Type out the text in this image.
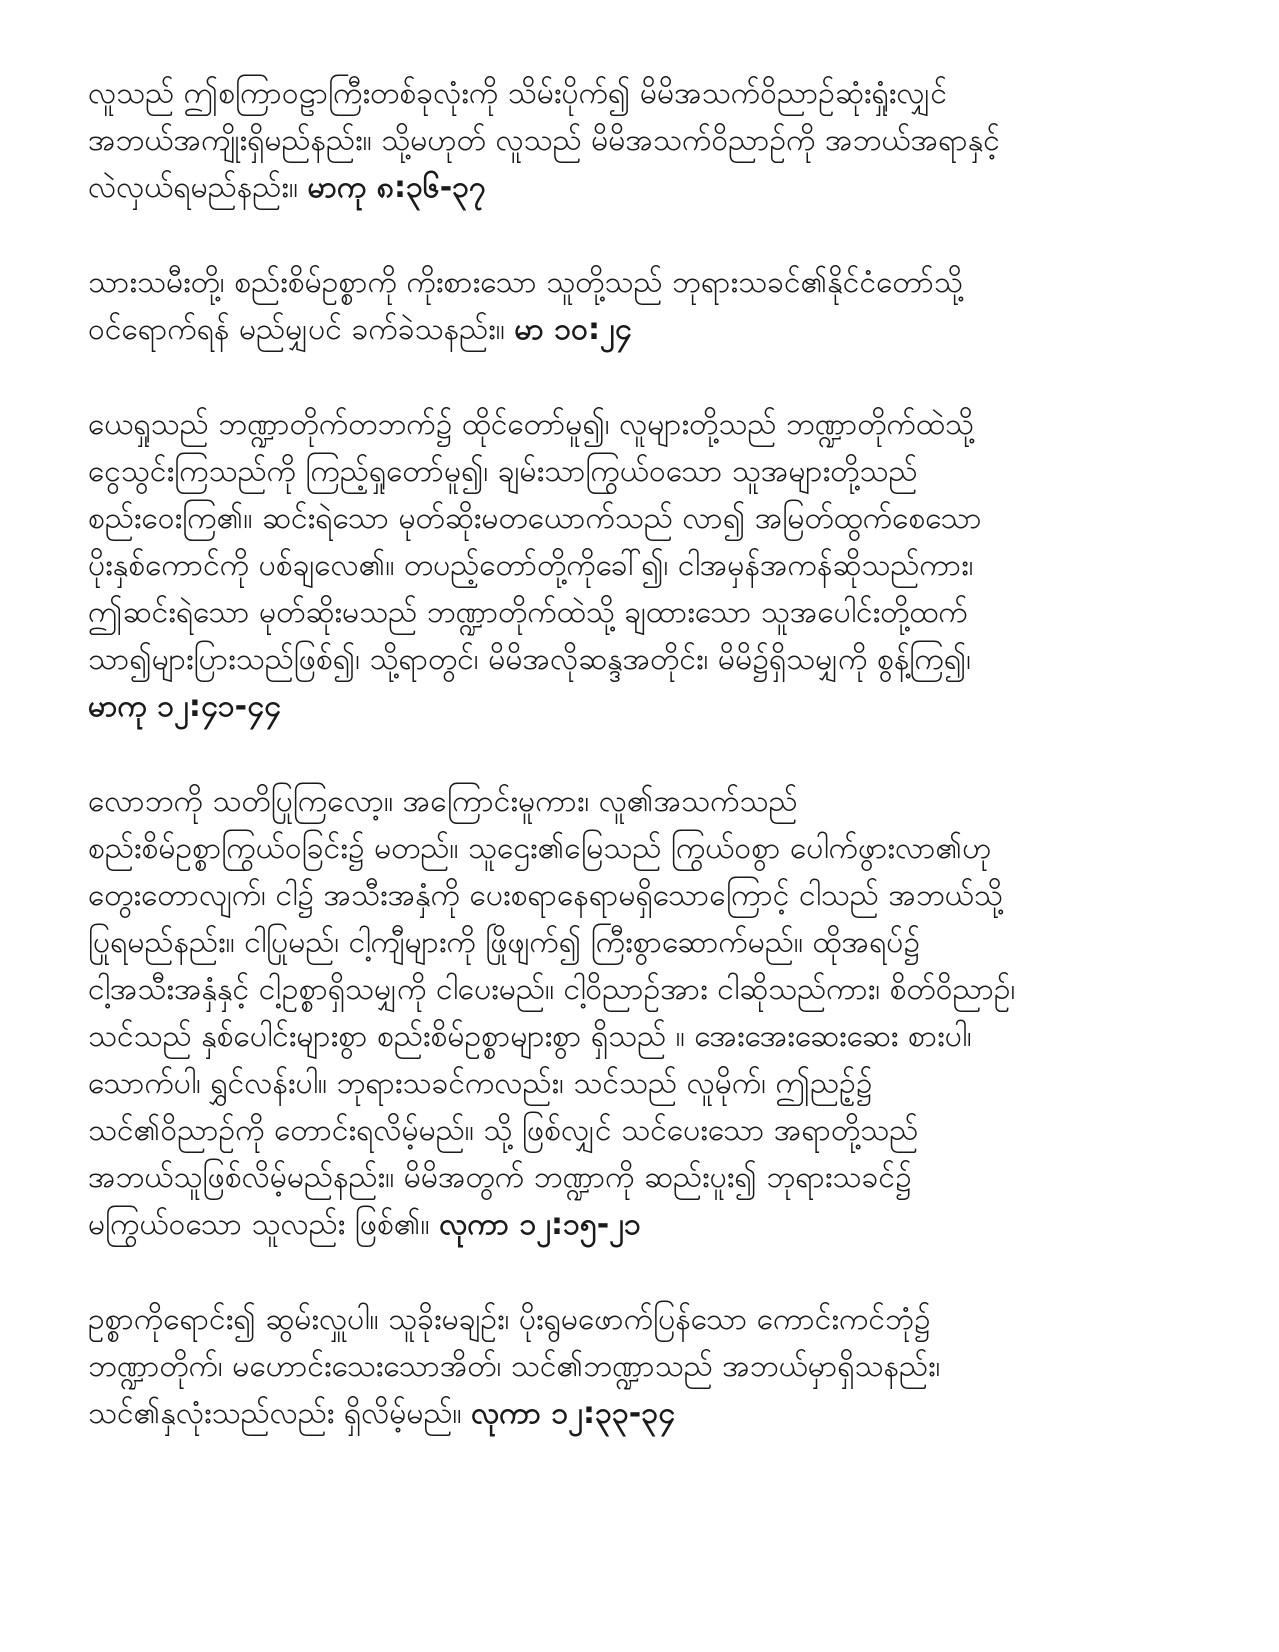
လူသည် ဤစကြာဝဠာကြီးတစ်ခုလုံးကို သိမ်းပိုက်၍ မိမိအသက်ဝိညာဉ်ဆုံးရှုံးလျှင်
အဘယ်အကျိုးရှိမည်နည်း။ သို့မဟုတ် လူသည် မိမိအသက်ဝိညာဉ်ကို အဘယ်အရာနှင့်
လဲလှယ်ရမည်နည်း။ မာကု ၈:၃၆-၃၇
သားသမီးတို့၊ စည်းစိမ်ဥစ္စာကို ကိုးစားသော သူတို့သည် ဘုရားသခင်၏နိုင်ငံတော်သို့
ဝင်ရောက်ရန် မည်မျှပင် ခက်ခဲသနည်း။ မာ ၁၀:၂၄
ယေရှုသည် ဘဏ္ဍာတိုက်တဘက်၌ ထိုင်တော်မူ၍၊ လူများတို့သည် ဘဏ္ဍာတိုက်ထဲသို့
ငွေသွင်းကြသည်ကို ကြည့်ရှုတော်မူ၍၊ ချမ်းသာကြွယ်ဝသော သူအများတို့သည်
စည်းဝေးကြ၏။ ဆင်းရဲသော မုတ်ဆိုးမတယောက်သည် လာ၍ အမြတ်ထွက်စေသော
ပိုးနှစ်ကောင်ကို ပစ်ချလေ၏။ တပည့်တော်တို့ကိုခေါ်၍၊ ငါအမှန်အကန်ဆိုသည်ကား၊
ဤဆင်းရဲသော မုတ်ဆိုးမသည် ဘဏ္ဍာတိုက်ထဲသို့ ချထားသော သူအပေါင်းတို့ထက်
သာ၍များပြားသည်ဖြစ်၍၊ သို့ရာတွင်၊ မိမိအလိုဆန္ဒအတိုင်း၊ မိမိ၌ရှိသမျှကို စွန့်ကြ၍၊
မာကု ၁၂:၄၁-၄၄
လောဘကို သတိပြုကြလော့။ အကြောင်းမူကား၊ လူ၏အသက်သည်
စည်းစိမ်ဥစ္စာကြွယ်ဝခြင်း၌ မတည်။ သူဌေး၏မြေသည် ကြွယ်ဝစွာ ပေါက်ဖွားလာ၏ဟု
တွေးတောလျက်၊ ငါ၌ အသီးအနှံကို ပေးစရာနေရာမရှိသောကြောင့် ငါသည် အဘယ်သို့
ပြုရမည်နည်း။ ငါပြုမည်၊ ငါ့ကျီများကို ဖြိုဖျက်၍ ကြီးစွာဆောက်မည်။ ထိုအရပ်၌
ငါ့အသီးအနှံနှင့် ငါ့ဥစ္စာရှိသမျှကို ငါပေးမည်။ ငါ့ဝိညာဉ်အား ငါဆိုသည်ကား၊ စိတ်ဝိညာဉ်၊
သင်သည် နှစ်ပေါင်းများစွာ စည်းစိမ်ဥစ္စာများစွာ ရှိသည် ။ အေးအေးဆေးဆေး စားပါ၊
သောက်ပါ၊ ရွှင်လန်းပါ။ ဘုရားသခင်ကလည်း၊ သင်သည် လူမိုက်၊ ဤညဉ့်၌
သင်၏ဝိညာဉ်ကို တောင်းရလိမ့်မည်။ သို့ ဖြစ်လျှင် သင်ပေးသော အရာတို့သည်
အဘယ်သူဖြစ်လိမ့်မည်နည်း။ မိမိအတွက် ဘဏ္ဍာကို ဆည်းပူး၍ ဘုရားသခင်၌
မကြွယ်ဝသော သူလည်း ဖြစ်၏။ လုကာ ၁၂:၁၅-၂၁
ဥစ္စာကိုရောင်း၍ ဆွမ်းလှူပါ။ သူခိုးမချဉ်း၊ ပိုးရွမဖောက်ပြန်သော ကောင်းကင်ဘုံ၌
ဘဏ္ဍာတိုက်၊ မဟောင်းသေးသောအိတ်၊ သင်၏ဘဏ္ဍာသည် အဘယ်မှာရှိသနည်း၊
သင်၏နှလုံးသည်လည်း ရှိလိမ့်မည်။ လုကာ ၁၂:၃၃-၃၄
